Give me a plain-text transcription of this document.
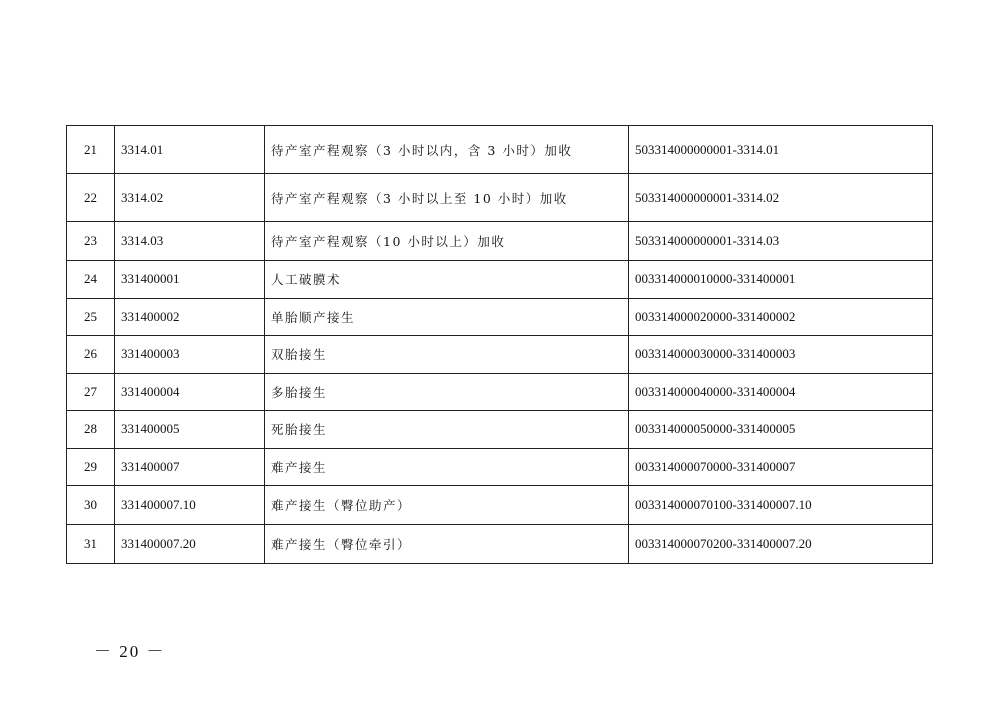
21	3314.01	待产室产程观察（3 小时以内，含 3 小时）加收	503314000000001-3314.01
22	3314.02	待产室产程观察（3 小时以上至 10 小时）加收	503314000000001-3314.02
23	3314.03	待产室产程观察（10 小时以上）加收	503314000000001-3314.03
24	331400001	人工破膜术	003314000010000-331400001
25	331400002	单胎顺产接生	003314000020000-331400002
26	331400003	双胎接生	003314000030000-331400003
27	331400004	多胎接生	003314000040000-331400004
28	331400005	死胎接生	003314000050000-331400005
29	331400007	难产接生	003314000070000-331400007
30	331400007.10	难产接生（臀位助产）	003314000070100-331400007.10
31	331400007.20	难产接生（臀位牵引）	003314000070200-331400007.20
－ 20 －
